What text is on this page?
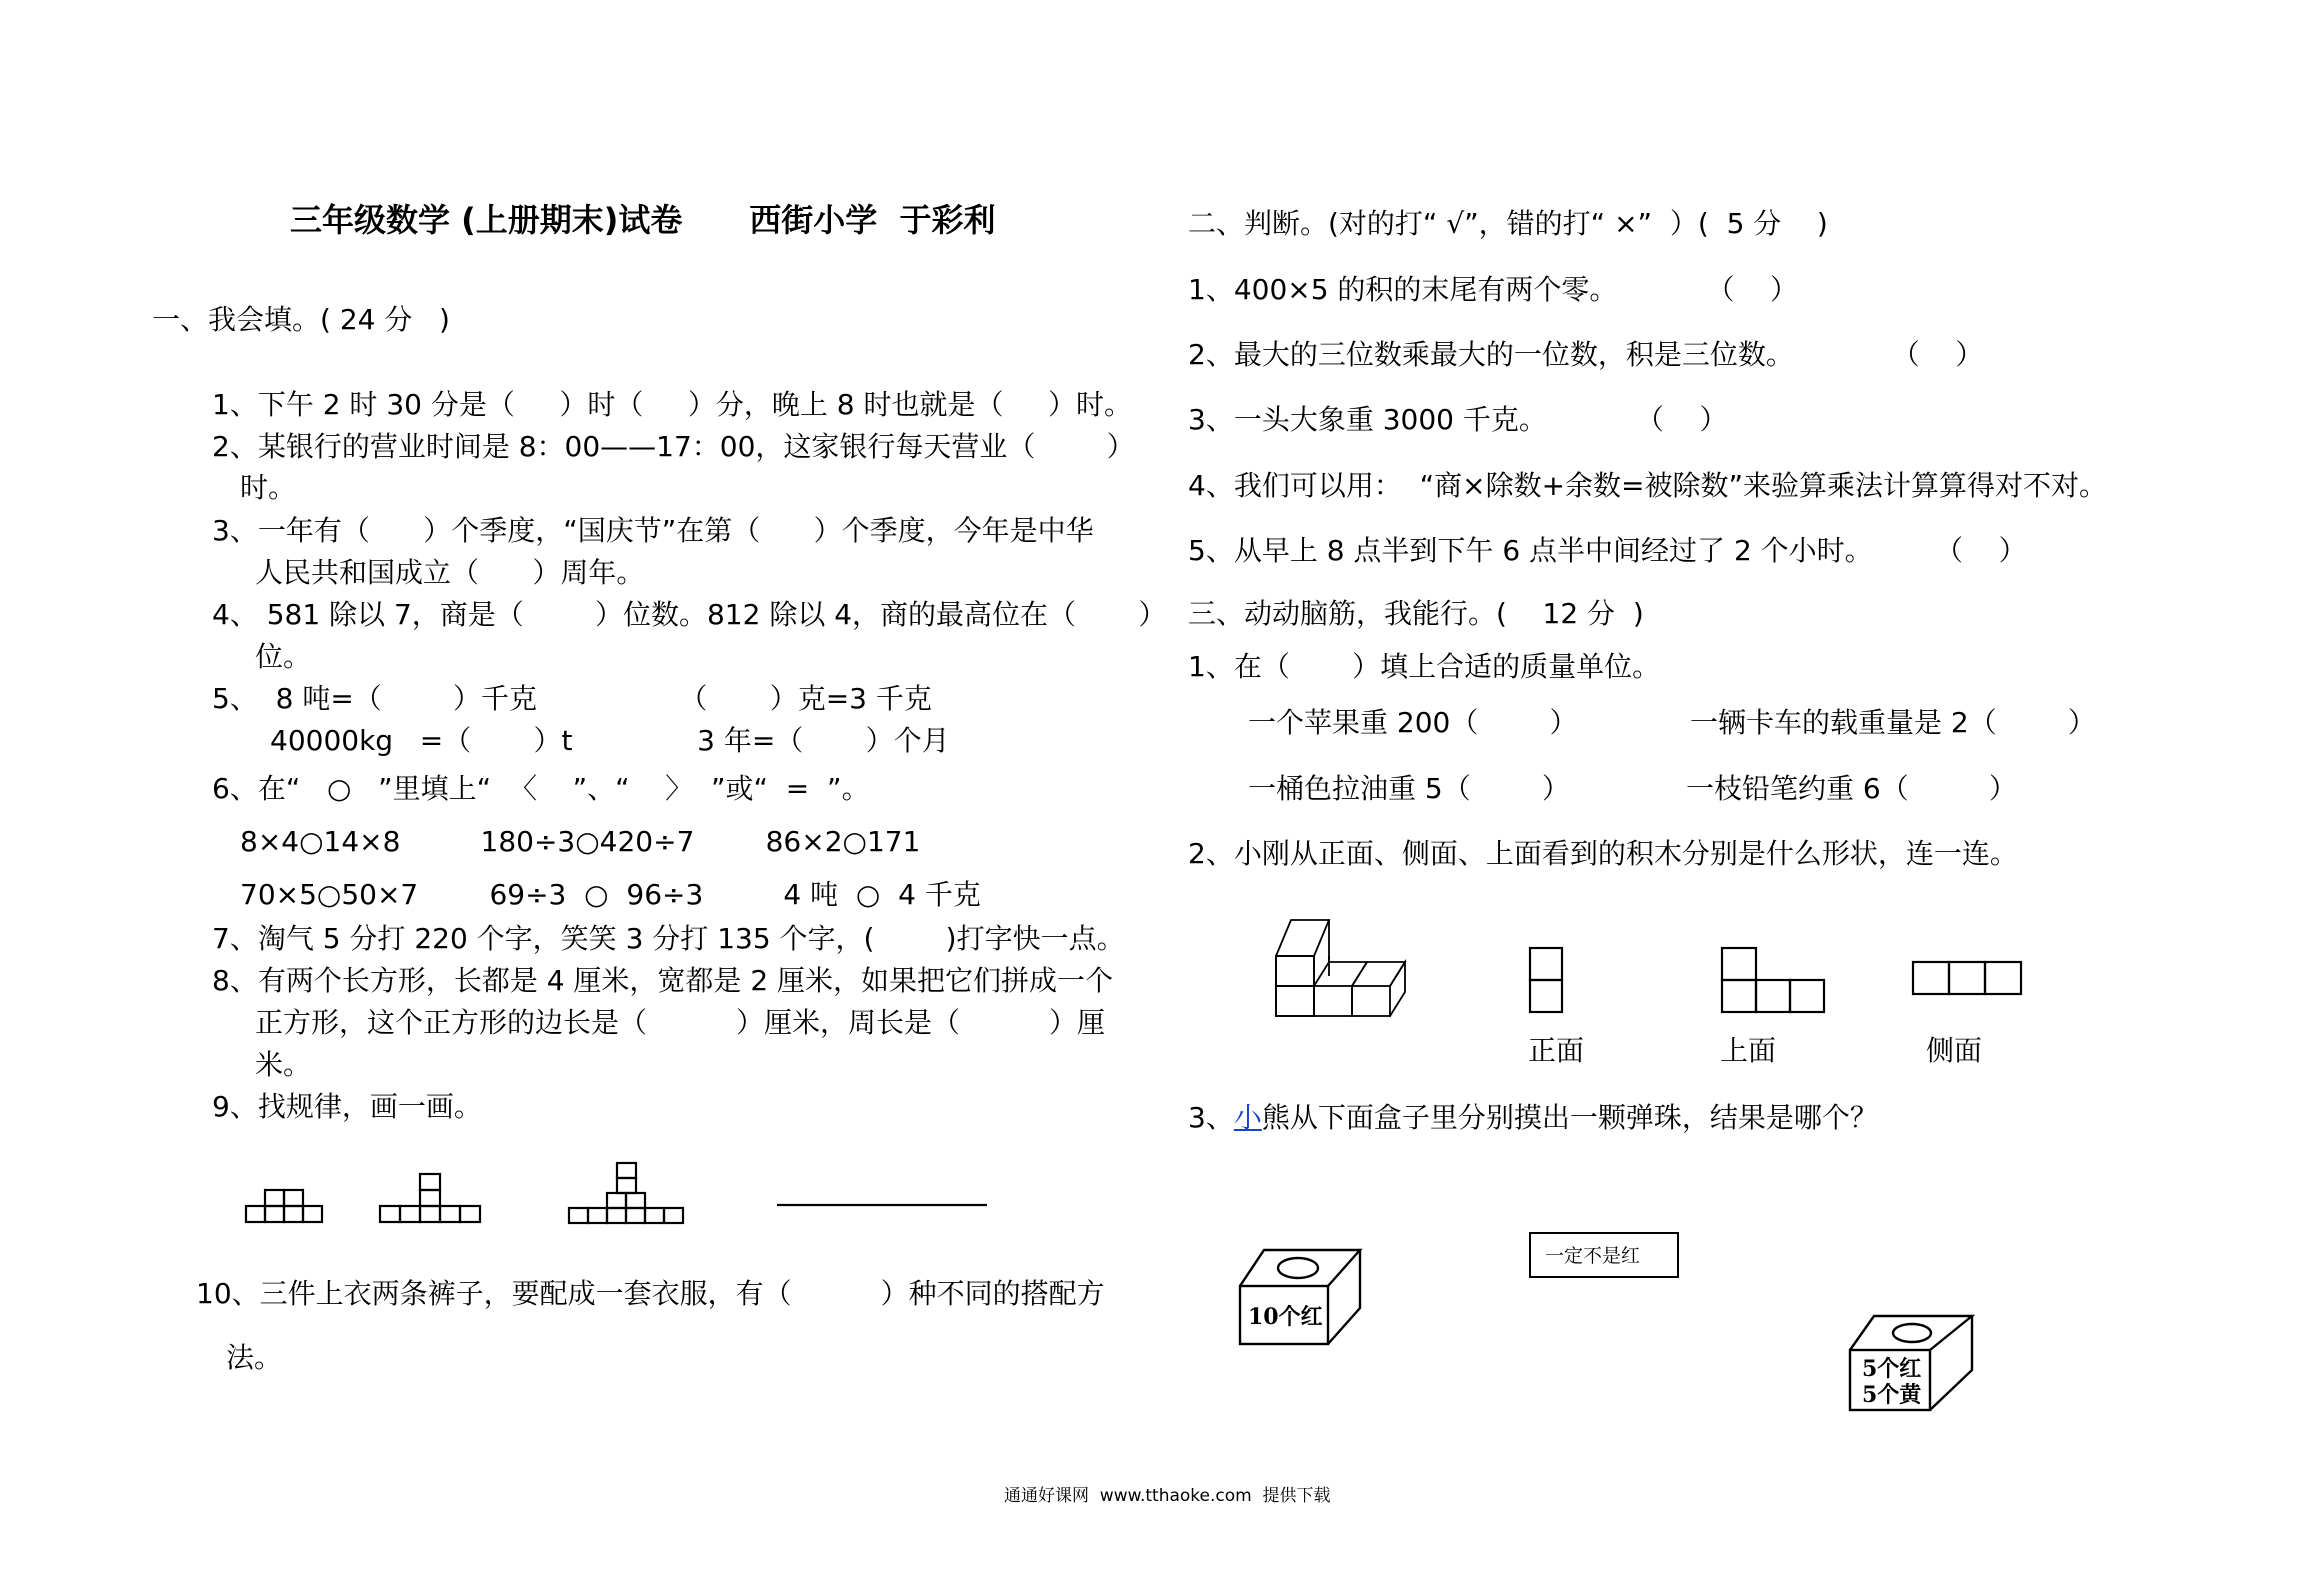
三年级数学 (上册期末)试卷      西街小学  于彩利
一、我会填。( 24 分   )
1、下午 2 时 30 分是（     ）时（     ）分，晚上 8 时也就是（     ）时。
2、某银行的营业时间是 8：00——17：00，这家银行每天营业（        ）
时。
3、一年有（      ）个季度，“国庆节”在第（      ）个季度，今年是中华
人民共和国成立（      ）周年。
4、 581 除以 7，商是（        ）位数。812 除以 4，商的最高位在（       ）
位。
5、  8 吨=（        ）千克                （       ）克=3 千克
40000kg   =（       ）t              3 年=（       ）个月
6、在“   ○   ”里填上“  〈    ”、“    〉  ”或“  =  ”。
8×4○14×8         180÷3○420÷7        86×2○171
70×5○50×7        69÷3  ○  96÷3         4 吨  ○  4 千克
7、淘气 5 分打 220 个字，笑笑 3 分打 135 个字，(        )打字快一点。
8、有两个长方形，长都是 4 厘米，宽都是 2 厘米，如果把它们拼成一个
正方形，这个正方形的边长是（          ）厘米，周长是（          ）厘
米。
9、找规律，画一画。
10、三件上衣两条裤子，要配成一套衣服，有（          ）种不同的搭配方
法。
二、判断。(对的打“ √”，错的打“ ×”  ）(  5 分    )
1、400×5 的积的末尾有两个零。          （    ）
2、最大的三位数乘最大的一位数，积是三位数。           （    ）
3、一头大象重 3000 千克。          （    ）
4、我们可以用：  “商×除数+余数=被除数”来验算乘法计算算得对不对。
5、从早上 8 点半到下午 6 点半中间经过了 2 个小时。       （    ）
三、动动脑筋，我能行。(    12 分  )
1、在（       ）填上合适的质量单位。
一个苹果重 200（        ）	一辆卡车的载重量是 2（        ）
一桶色拉油重 5（        ）	一枝铅笔约重 6（         ）
2、小刚从正面、侧面、上面看到的积木分别是什么形状，连一连。
正面	上面	侧面
3、小熊从下面盒子里分别摸出一颗弹珠，结果是哪个？
一定不是红
10个红
5个红
5个黄
通通好课网  www.tthaoke.com  提供下载
